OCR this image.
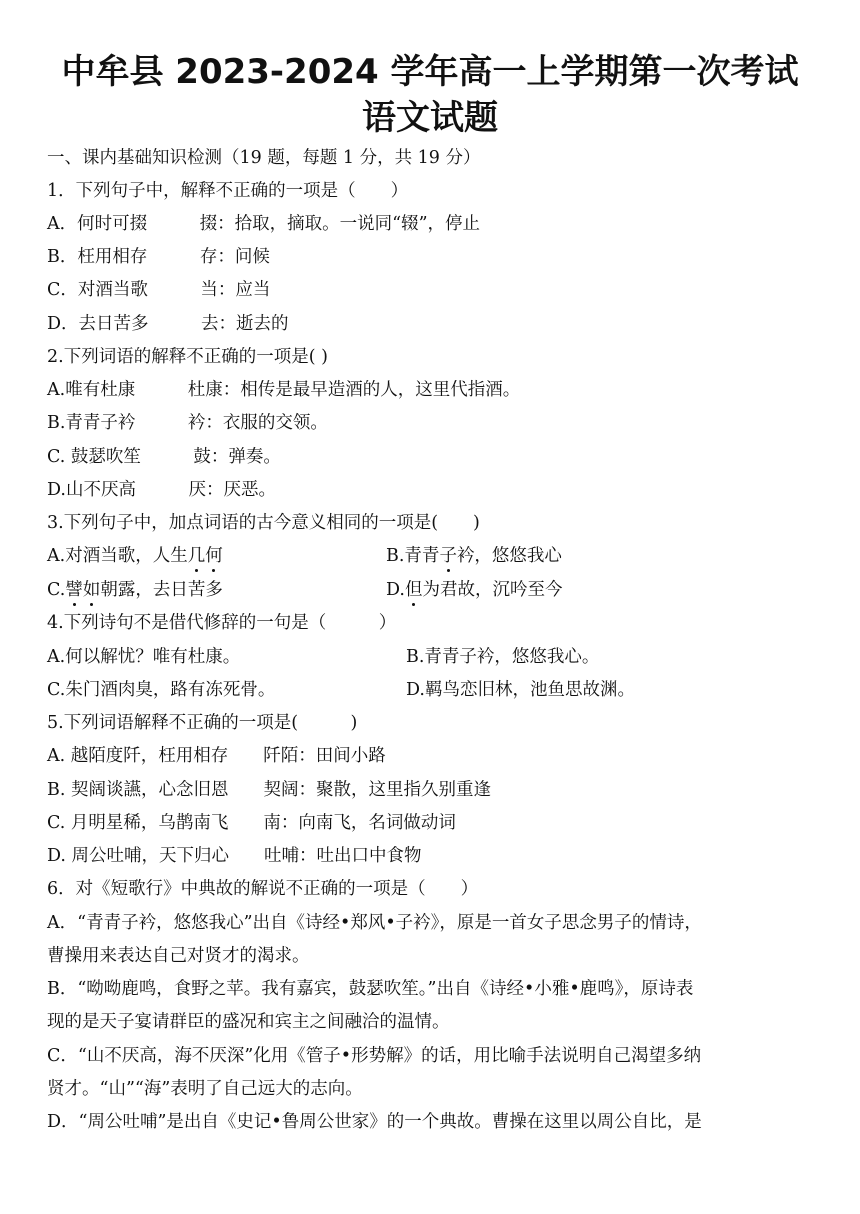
中牟县 2023-2024 学年高一上学期第一次考试
语文试题
一、课内基础知识检测（19 题，每题 1 分，共 19 分）
1．下列句子中，解释不正确的一项是（　　）
A．何时可掇　　　掇：拾取，摘取。一说同“辍”，停止
B．枉用相存　　　存：问候
C．对酒当歌　　　当：应当
D．去日苦多　　　去：逝去的
2.下列词语的解释不正确的一项是( )
A.唯有杜康　　　杜康：相传是最早造酒的人，这里代指酒。
B.青青子衿　　　衿：衣服的交领。
C. 鼓瑟吹笙　　　鼓：弹奏。
D.山不厌高　　　厌：厌恶。
3.下列句子中，加点词语的古今意义相同的一项是(　　)
A.对酒当歌，人生几何	B.青青子衿，悠悠我心
C.譬如朝露，去日苦多	D.但为君故，沉吟至今
4.下列诗句不是借代修辞的一句是（　　　）
A.何以解忧？唯有杜康。	B.青青子衿，悠悠我心。
C.朱门酒肉臭，路有冻死骨。	D.羁鸟恋旧林，池鱼思故渊。
5.下列词语解释不正确的一项是(　　　)
A. 越陌度阡，枉用相存　　阡陌：田间小路
B. 契阔谈讌，心念旧恩　　契阔：聚散，这里指久别重逢
C. 月明星稀，乌鹊南飞　　南：向南飞，名词做动词
D. 周公吐哺，天下归心　　吐哺：吐出口中食物
6．对《短歌行》中典故的解说不正确的一项是（　　）
A．“青青子衿，悠悠我心”出自《诗经•郑风•子衿》，原是一首女子思念男子的情诗，
曹操用来表达自己对贤才的渴求。
B．“呦呦鹿鸣，食野之苹。我有嘉宾，鼓瑟吹笙。”出自《诗经•小雅•鹿鸣》，原诗表
现的是天子宴请群臣的盛况和宾主之间融洽的温情。
C．“山不厌高，海不厌深”化用《管子•形势解》的话，用比喻手法说明自己渴望多纳
贤才。“山”“海”表明了自己远大的志向。
D．“周公吐哺”是出自《史记•鲁周公世家》的一个典故。曹操在这里以周公自比，是
